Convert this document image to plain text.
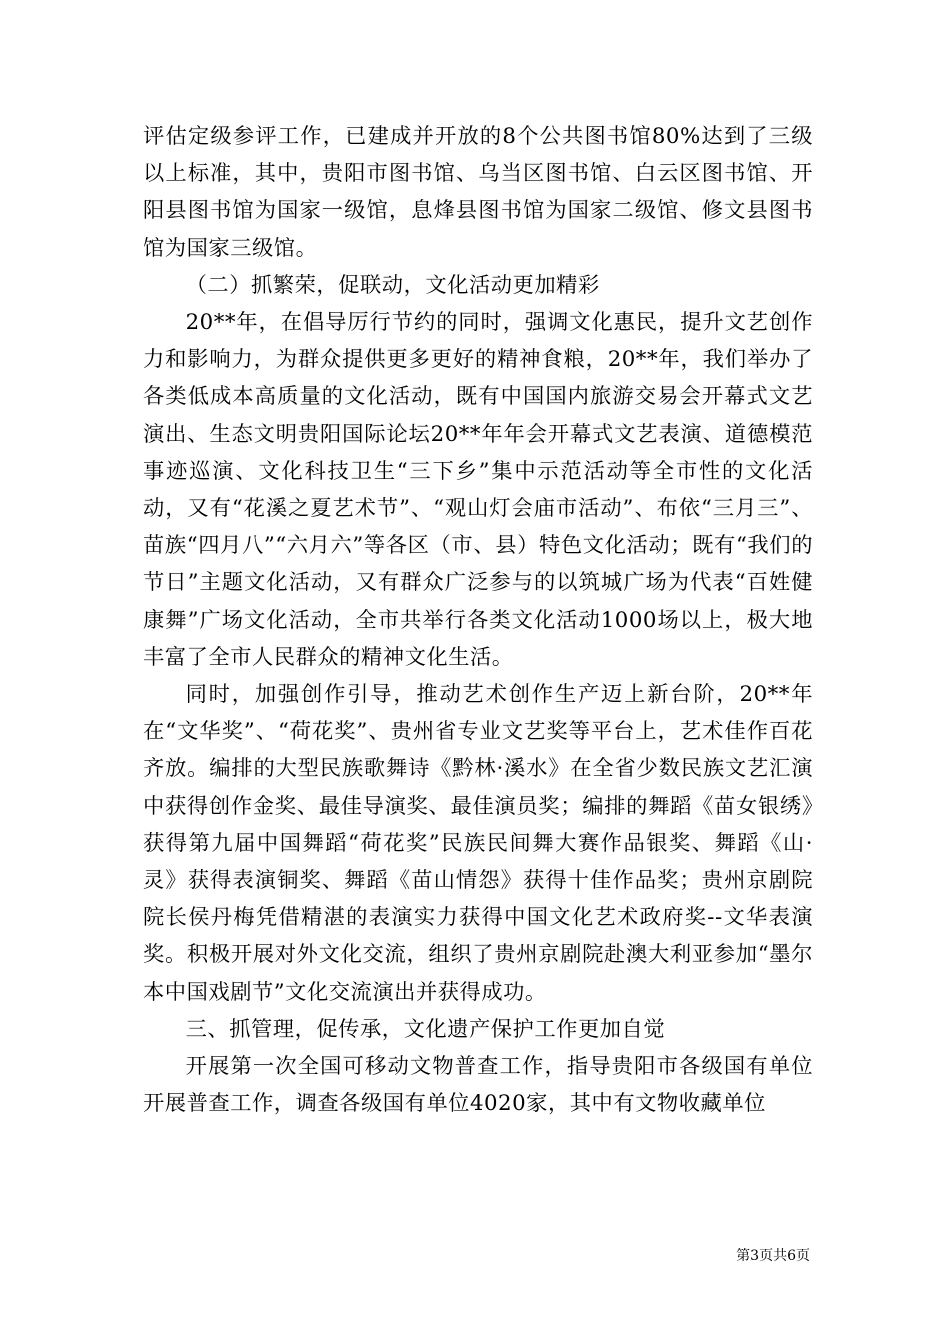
评估定级参评工作，已建成并开放的8个公共图书馆80%达到了三级以上标准，其中，贵阳市图书馆、乌当区图书馆、白云区图书馆、开阳县图书馆为国家一级馆，息烽县图书馆为国家二级馆、修文县图书馆为国家三级馆。

（二）抓繁荣，促联动，文化活动更加精彩

20**年，在倡导厉行节约的同时，强调文化惠民，提升文艺创作力和影响力，为群众提供更多更好的精神食粮，20**年，我们举办了各类低成本高质量的文化活动，既有中国国内旅游交易会开幕式文艺演出、生态文明贵阳国际论坛20**年年会开幕式文艺表演、道德模范事迹巡演、文化科技卫生“三下乡”集中示范活动等全市性的文化活动，又有“花溪之夏艺术节”、“观山灯会庙市活动”、布依“三月三”、苗族“四月八”“六月六”等各区（市、县）特色文化活动；既有“我们的节日”主题文化活动，又有群众广泛参与的以筑城广场为代表“百姓健康舞”广场文化活动，全市共举行各类文化活动1000场以上，极大地丰富了全市人民群众的精神文化生活。

同时，加强创作引导，推动艺术创作生产迈上新台阶，20**年在“文华奖”、“荷花奖”、贵州省专业文艺奖等平台上，艺术佳作百花齐放。编排的大型民族歌舞诗《黔林·溪水》在全省少数民族文艺汇演中获得创作金奖、最佳导演奖、最佳演员奖；编排的舞蹈《苗女银绣》获得第九届中国舞蹈“荷花奖”民族民间舞大赛作品银奖、舞蹈《山·灵》获得表演铜奖、舞蹈《苗山情怨》获得十佳作品奖；贵州京剧院院长侯丹梅凭借精湛的表演实力获得中国文化艺术政府奖--文华表演奖。积极开展对外文化交流，组织了贵州京剧院赴澳大利亚参加“墨尔本中国戏剧节”文化交流演出并获得成功。

三、抓管理，促传承，文化遗产保护工作更加自觉

开展第一次全国可移动文物普查工作，指导贵阳市各级国有单位开展普查工作，调查各级国有单位4020家，其中有文物收藏单位

第3页共6页
